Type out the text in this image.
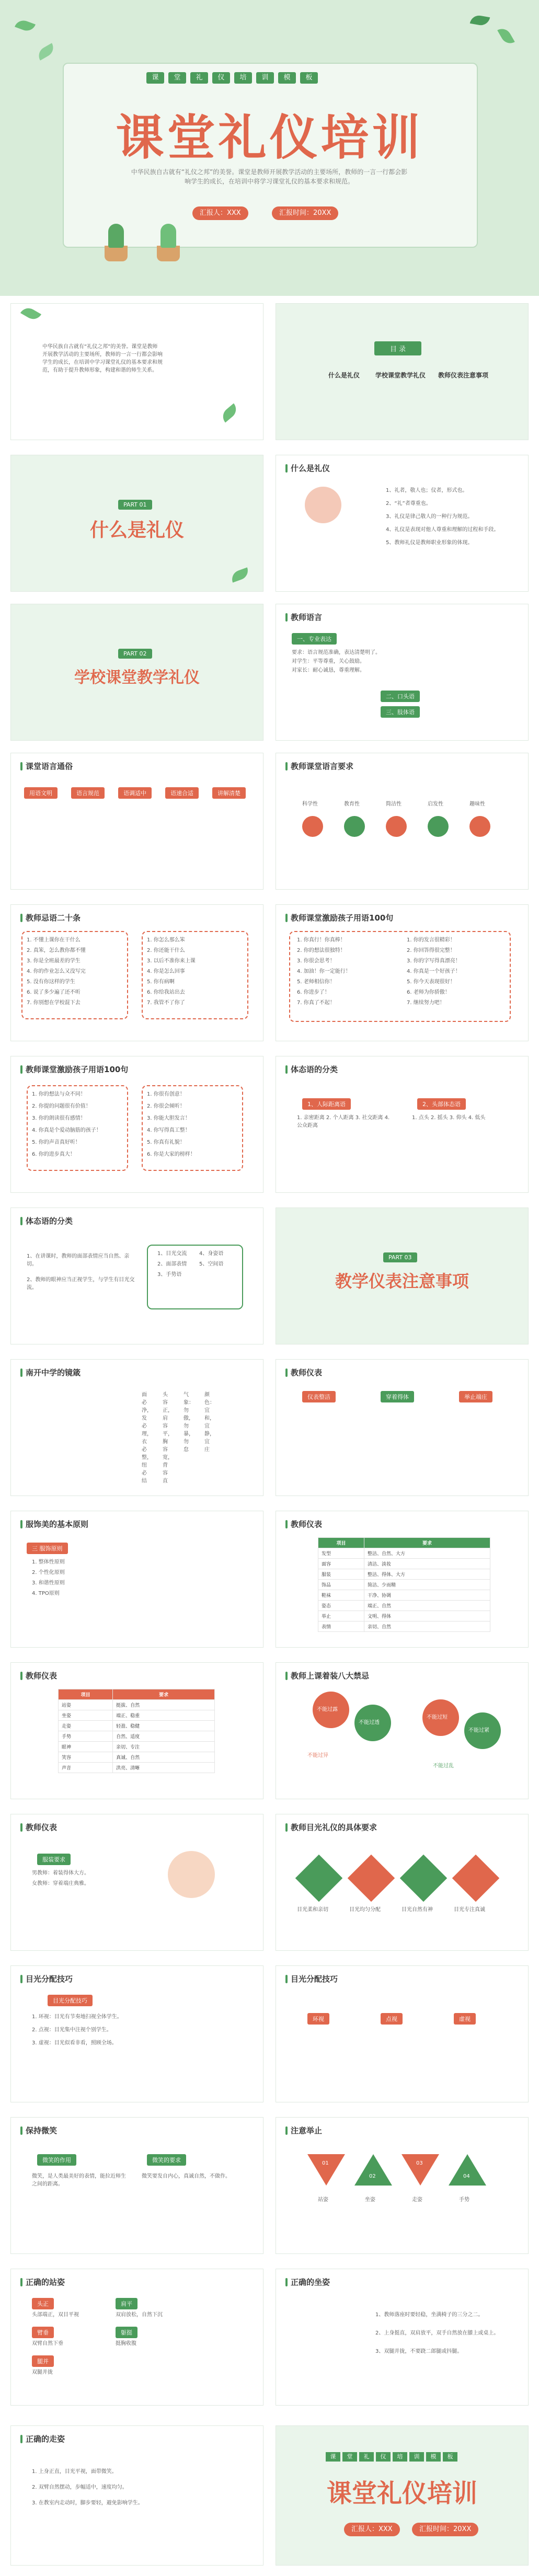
课	堂	礼	仪	培	训	模	板
课堂礼仪培训
中华民族自古就有“礼仪之邦”的美誉。课堂是教师开展教学活动的主要场所，教师的一言一行都会影响学生的成长，在培训中将学习课堂礼仪的基本要求和规范。
汇报人：XXX	汇报时间：20XX
中华民族自古就有“礼仪之邦”的美誉。课堂是教师开展教学活动的主要场所，教师的一言一行都会影响学生的成长，在培训中学习课堂礼仪的基本要求和规范，有助于提升教师形象，构建和谐的师生关系。
目 录
什么是礼仪 学校课堂教学礼仪 教师仪表注意事项
PART 01
什么是礼仪
什么是礼仪
1、礼者，敬人也；仪者，形式也。
2、“礼”者尊重也。
3、礼仪是律己敬人的一种行为规范。
4、礼仪是表现对他人尊重和理解的过程和手段。
5、教师礼仪是教师职业形象的体现。
PART 02
学校课堂教学礼仪
教师语言
一、专业表达
要求：语言规范准确，表达清楚明了。
对学生：平等尊重，关心鼓励。
对家长：耐心诚恳，尊重理解。
二、口头语
三、肢体语
课堂语言通俗
用语文明	语言规范	语调适中	语速合适	讲解清楚
教师课堂语言要求
科学性	教育性	简洁性	启发性	趣味性
教师忌语二十条
1. 不懂上课你在干什么
2. 真笨，怎么教你都不懂
3. 你是全班最差的学生
4. 你的作业怎么又没写完
5. 没有你这样的学生
6. 说了多少遍了还不听
7. 你别想在学校混下去
1. 你怎么那么笨
2. 你还能干什么
3. 以后不准你来上课
4. 你是怎么回事
5. 你有病啊
6. 你给我站出去
7. 我管不了你了
教师课堂激励孩子用语100句
1. 你真行！你真棒！
2. 你的想法很独特！
3. 你很会思考！
4. 加油！你一定能行！
5. 老师相信你！
6. 你进步了！
7. 你真了不起！
1. 你的发言很精彩！
2. 你回答得很完整！
3. 你的字写得真漂亮！
4. 你真是一个好孩子！
5. 你今天表现很好！
6. 老师为你骄傲！
7. 继续努力吧！
教师课堂激励孩子用语100句
1. 你的想法与众不同！
2. 你提的问题很有价值！
3. 你的朗读很有感情！
4. 你真是个爱动脑筋的孩子！
5. 你的声音真好听！
6. 你的进步真大！
1. 你很有创意！
2. 你很会倾听！
3. 你能大胆发言！
4. 你写得真工整！
5. 你真有礼貌！
6. 你是大家的榜样！
体态语的分类
1、人际距离语	2、头部体态语
1. 亲密距离 2. 个人距离 3. 社交距离 4. 公众距离
1. 点头 2. 摇头 3. 仰头 4. 低头
体态语的分类
1、在讲课时，教师的面部表情应当自然、亲切。
2、教师的眼神应当正视学生，与学生有目光交流。
1、目光交流
2、面部表情
3、手势语
4、身姿语
5、空间语
PART 03
教学仪表注意事项
南开中学的镜箴
面必净，发必理，衣必整，纽必结
头容正，肩容平，胸容宽，背容直
气象：勿傲，勿暴，勿怠
颜色：宜和，宜静，宜庄
教师仪表
仪表整洁	穿着得体	举止端庄
服饰美的基本原则
三 服饰原则
1. 整体性原则
2. 个性化原则
3. 和谐性原则
4. TPO原则
教师仪表
项目	要求
发型	整洁、自然、大方
面容	清洁、淡妆
服装	整洁、得体、大方
饰品	简洁、少而精
鞋袜	干净、协调
姿态	端正、自然
举止	文明、得体
表情	亲切、自然
教师仪表
项目	要求
站姿	挺拔、自然
坐姿	端正、稳重
走姿	轻盈、稳健
手势	自然、适度
眼神	亲切、专注
笑容	真诚、自然
声音	洪亮、清晰
教师上课着装八大禁忌
不能过露
不能过透
不能过短
不能过紧
不能过异
不能过乱
教师仪表
服装要求
男教师：着装得体大方。
女教师：穿着端庄典雅。
教师目光礼仪的具体要求
目光柔和亲切	目光均匀分配	目光自然有神	目光专注真诚
目光分配技巧
目光分配技巧
1. 环视：目光有节奏地扫视全体学生。
2. 点视：目光集中注视个别学生。
3. 虚视：目光似看非看，照顾全场。
目光分配技巧
环视	点视	虚视
保持微笑
微笑的作用	微笑的要求
微笑，是人类最美好的表情，能拉近师生之间的距离。
微笑要发自内心，真诚自然，不做作。
注意举止
01
02
03
04
站姿	坐姿	走姿	手势
正确的站姿
头正	肩平
臂垂	躯挺
腿并
头部端正，双目平视	双肩放松，自然下沉
双臂自然下垂	挺胸收腹
双腿并拢
正确的坐姿
1、教师落座时要轻稳，坐满椅子的三分之二。
2、上身挺直，双肩放平，双手自然放在膝上或桌上。
3、双腿并拢，不要跷二郎腿或抖腿。
正确的走姿
1. 上身正直，目光平视，面带微笑。
2. 双臂自然摆动，步幅适中，速度均匀。
3. 在教室内走动时，脚步要轻，避免影响学生。
课	堂	礼	仪	培	训	模	板
课堂礼仪培训
汇报人：XXX	汇报时间：20XX
